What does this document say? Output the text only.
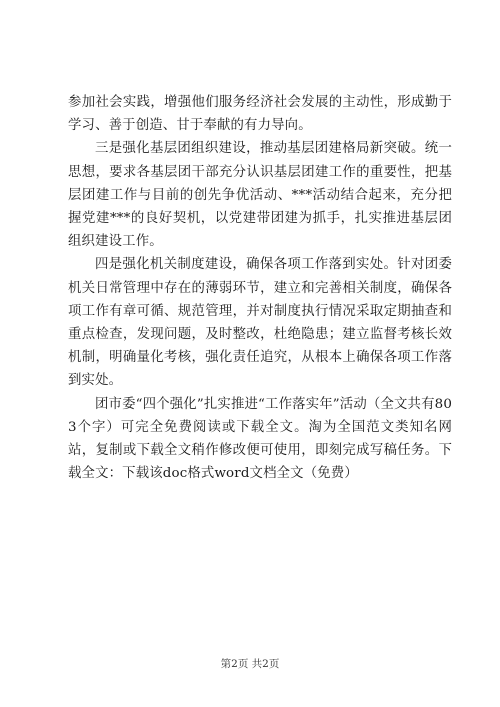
参加社会实践，增强他们服务经济社会发展的主动性，形成勤于学习、善于创造、甘于奉献的有力导向。

三是强化基层团组织建设，推动基层团建格局新突破。统一思想，要求各基层团干部充分认识基层团建工作的重要性，把基层团建工作与目前的创先争优活动、***活动结合起来，充分把握党建***的良好契机，以党建带团建为抓手，扎实推进基层团组织建设工作。

四是强化机关制度建设，确保各项工作落到实处。针对团委机关日常管理中存在的薄弱环节，建立和完善相关制度，确保各项工作有章可循、规范管理，并对制度执行情况采取定期抽查和重点检查，发现问题，及时整改，杜绝隐患；建立监督考核长效机制，明确量化考核，强化责任追究，从根本上确保各项工作落到实处。

团市委“四个强化”扎实推进“工作落实年”活动（全文共有803个字）可完全免费阅读或下载全文。淘为全国范文类知名网站，复制或下载全文稍作修改便可使用，即刻完成写稿任务。下载全文：下载该doc格式word文档全文（免费）

第2页 共2页
